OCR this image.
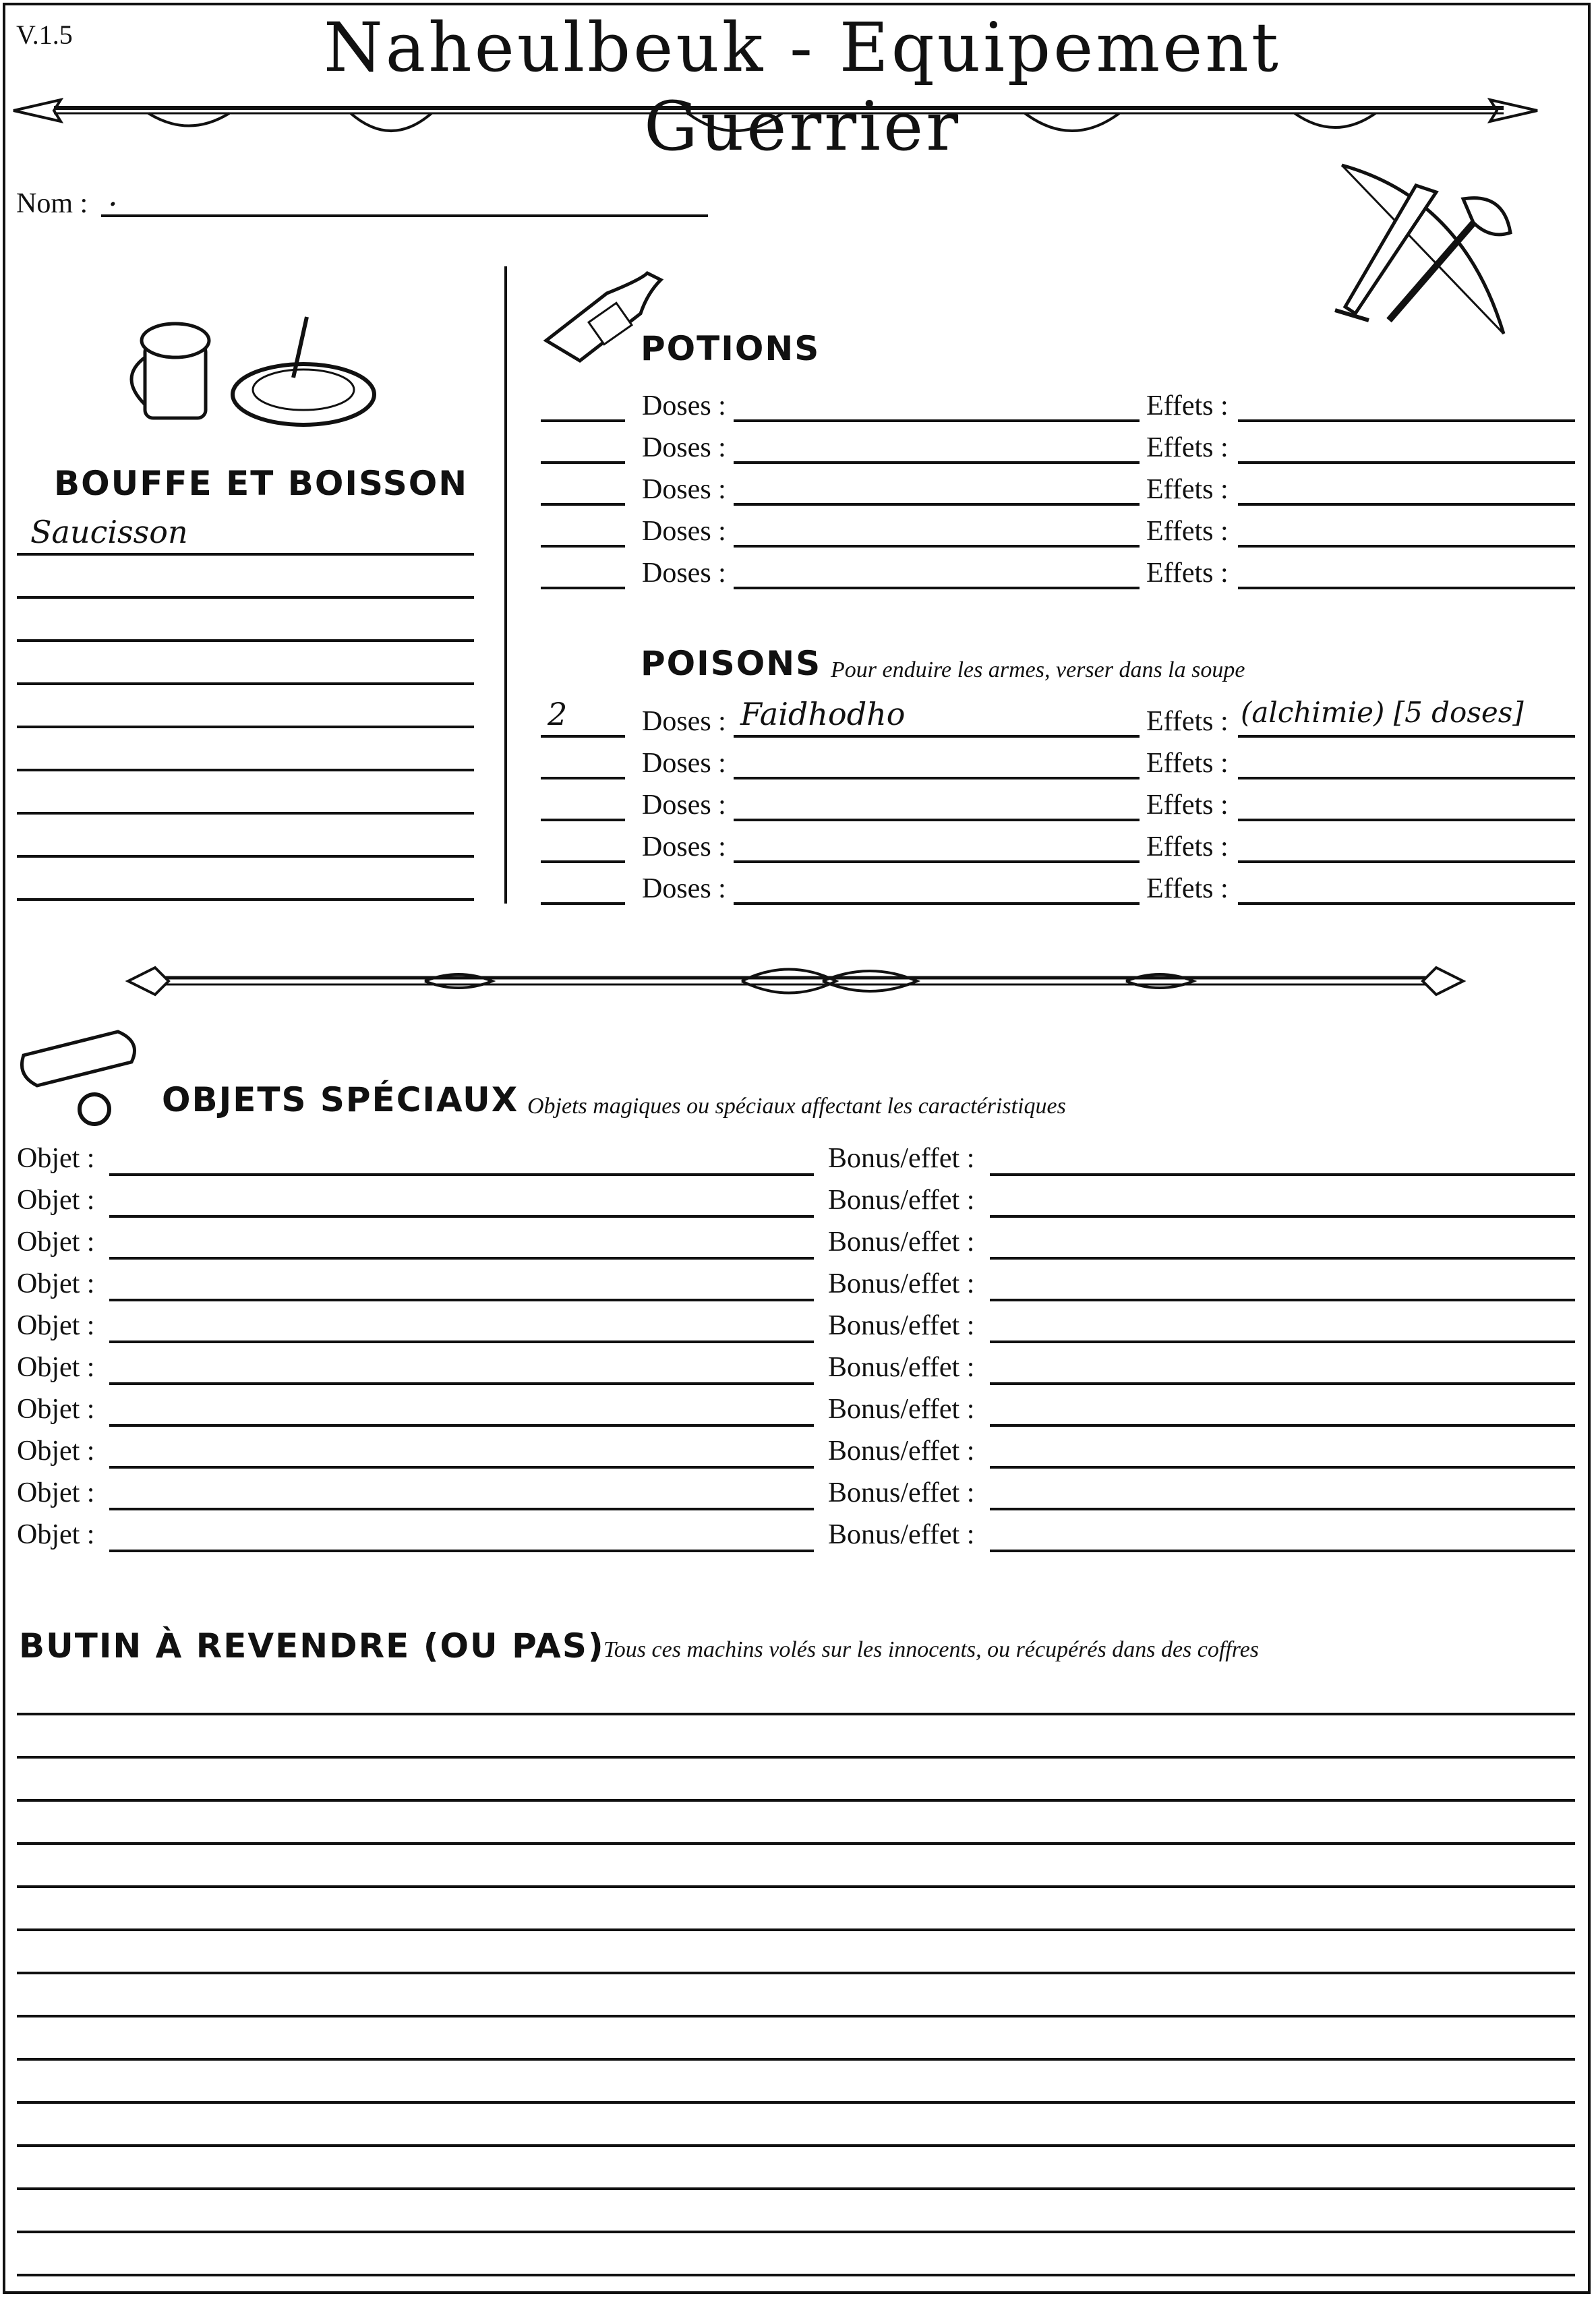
V.1.5	Naheulbeuk - Equipement Guerrier
Nom : .
BOUFFE ET BOISSON
POTIONS
POISONS Pour enduire les armes, verser dans la soupe
OBJETS SPÉCIAUX Objets magiques ou spéciaux affectant les caractéristiques
BUTIN À REVENDRE (OU PAS)
Tous ces machins volés sur les innocents, ou récupérés dans des coffres
Saucisson
Doses :	Effets :
Doses :	Effets :
Doses :	Effets :
Doses :	Effets :
Doses :	Effets :
2	Doses : Faidhodho	Effets : (alchimie) [5 doses]
Doses :	Effets :
Doses :	Effets :
Doses :	Effets :
Doses :	Effets :
Objet :	Bonus/effet :
Objet :	Bonus/effet :
Objet :	Bonus/effet :
Objet :	Bonus/effet :
Objet :	Bonus/effet :
Objet :	Bonus/effet :
Objet :	Bonus/effet :
Objet :	Bonus/effet :
Objet :	Bonus/effet :
Objet :	Bonus/effet :
